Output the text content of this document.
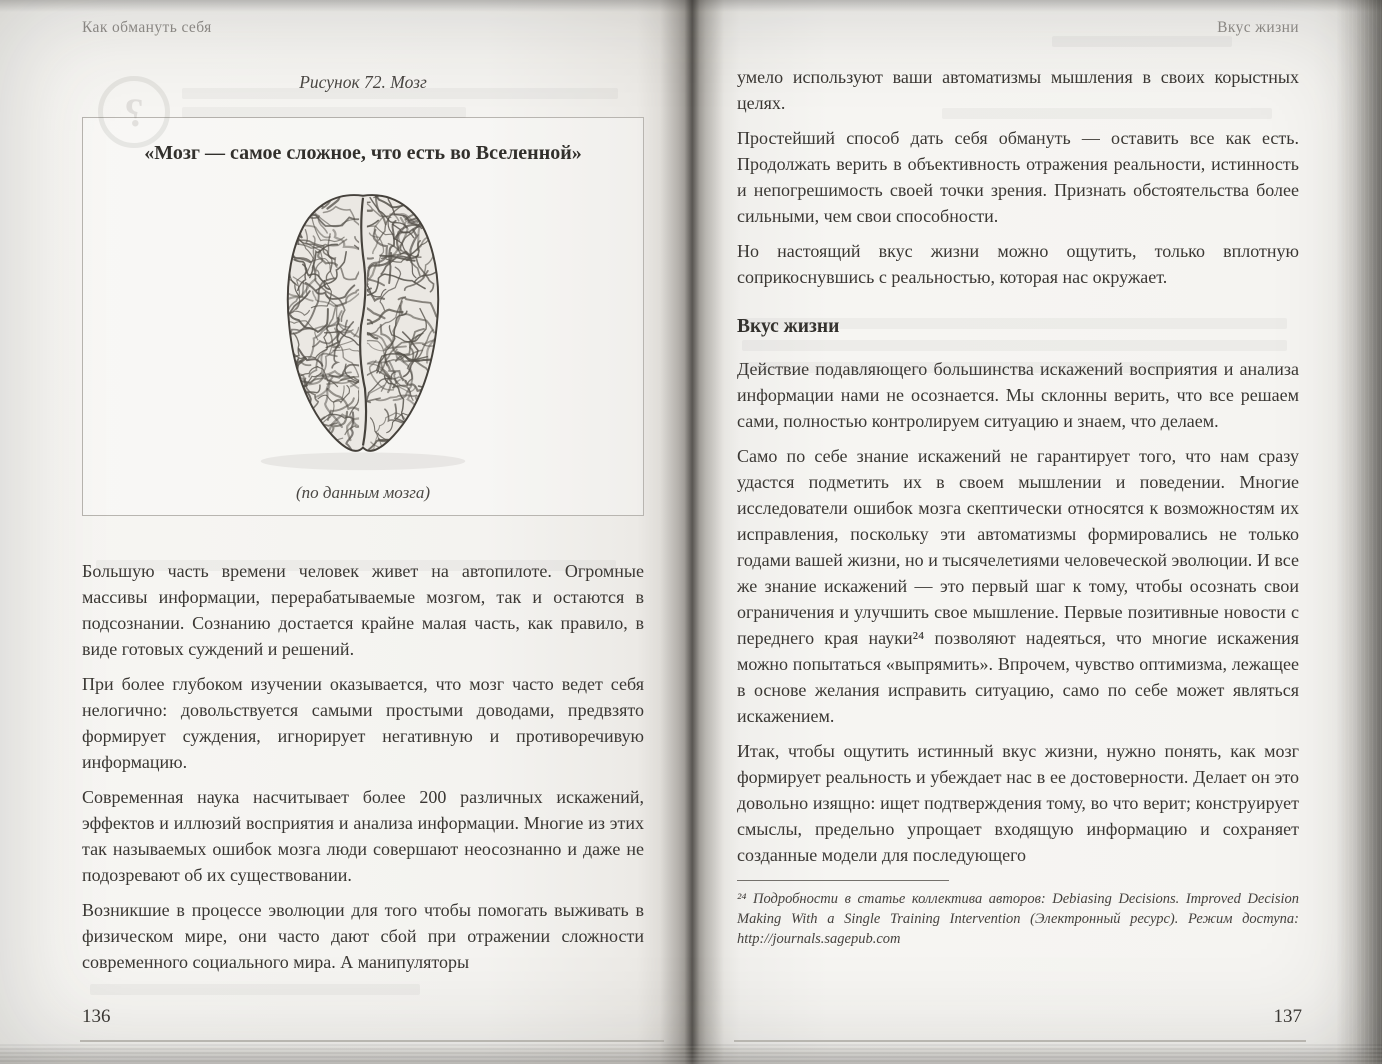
?
Как обмануть себя
Рисунок 72. Мозг
«Мозг — самое сложное, что есть во Вселенной»
(по данным мозга)

Большую часть времени человек живет на автопилоте. Огромные массивы информации, перерабатываемые мозгом, так и остаются в подсознании. Сознанию достается крайне малая часть, как правило, в виде готовых суждений и решений.

При более глубоком изучении оказывается, что мозг часто ведет себя нелогично: довольствуется самыми простыми доводами, предвзято формирует суждения, игнорирует негативную и противоречивую информацию.

Современная наука насчитывает более 200 различных искажений, эффектов и иллюзий восприятия и анализа информации. Многие из этих так называемых ошибок мозга люди совершают неосознанно и даже не подозревают об их существовании.

Возникшие в процессе эволюции для того чтобы помогать выживать в физическом мире, они часто дают сбой при отражении сложности современного социального мира. А манипуляторы

136
Вкус жизни

умело используют ваши автоматизмы мышления в своих корыстных целях.

Простейший способ дать себя обмануть — оставить все как есть. Продолжать верить в объективность отражения реальности, истинность и непогрешимость своей точки зрения. Признать обстоятельства более сильными, чем свои способности.

Но настоящий вкус жизни можно ощутить, только вплотную соприкоснувшись с реальностью, которая нас окружает.

Вкус жизни

Действие подавляющего большинства искажений восприятия и анализа информации нами не осознается. Мы склонны верить, что все решаем сами, полностью контролируем ситуацию и знаем, что делаем.

Само по себе знание искажений не гарантирует того, что нам сразу удастся подметить их в своем мышлении и поведении. Многие исследователи ошибок мозга скептически относятся к возможностям их исправления, поскольку эти автоматизмы формировались не только годами вашей жизни, но и тысячелетиями человеческой эволюции. И все же знание искажений — это первый шаг к тому, чтобы осознать свои ограничения и улучшить свое мышление. Первые позитивные новости с переднего края науки²⁴ позволяют надеяться, что многие искажения можно попытаться «выпрямить». Впрочем, чувство оптимизма, лежащее в основе желания исправить ситуацию, само по себе может являться искажением.

Итак, чтобы ощутить истинный вкус жизни, нужно понять, как мозг формирует реальность и убеждает нас в ее достоверности. Делает он это довольно изящно: ищет подтверждения тому, во что верит; конструирует смыслы, предельно упрощает входящую информацию и сохраняет созданные модели для последующего

²⁴ Подробности в статье коллектива авторов: Debiasing Decisions. Improved Decision Making With a Single Training Intervention (Электронный ресурс). Режим доступа: http://journals.sagepub.com
137
